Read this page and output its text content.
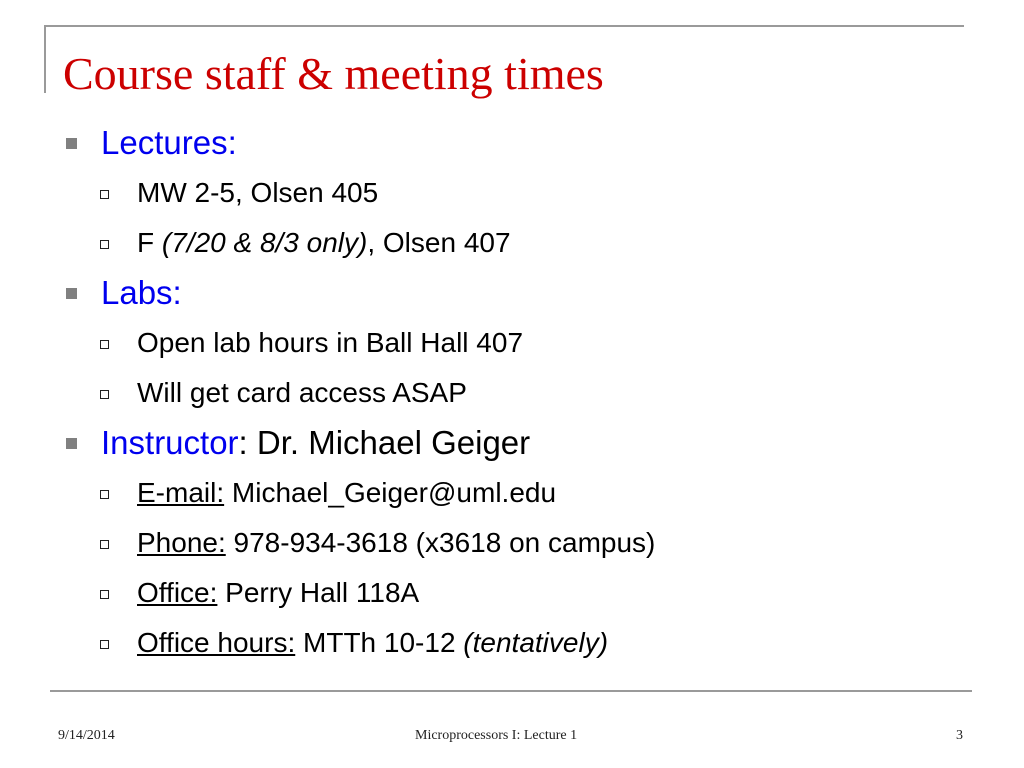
Course staff & meeting times
Lectures:
MW 2-5, Olsen 405
F (7/20 & 8/3 only), Olsen 407
Labs:
Open lab hours in Ball Hall 407
Will get card access ASAP
Instructor: Dr. Michael Geiger
E-mail: Michael_Geiger@uml.edu
Phone: 978-934-3618 (x3618 on campus)
Office: Perry Hall 118A
Office hours: MTTh 10-12 (tentatively)
9/14/2014	Microprocessors I: Lecture 1	3
